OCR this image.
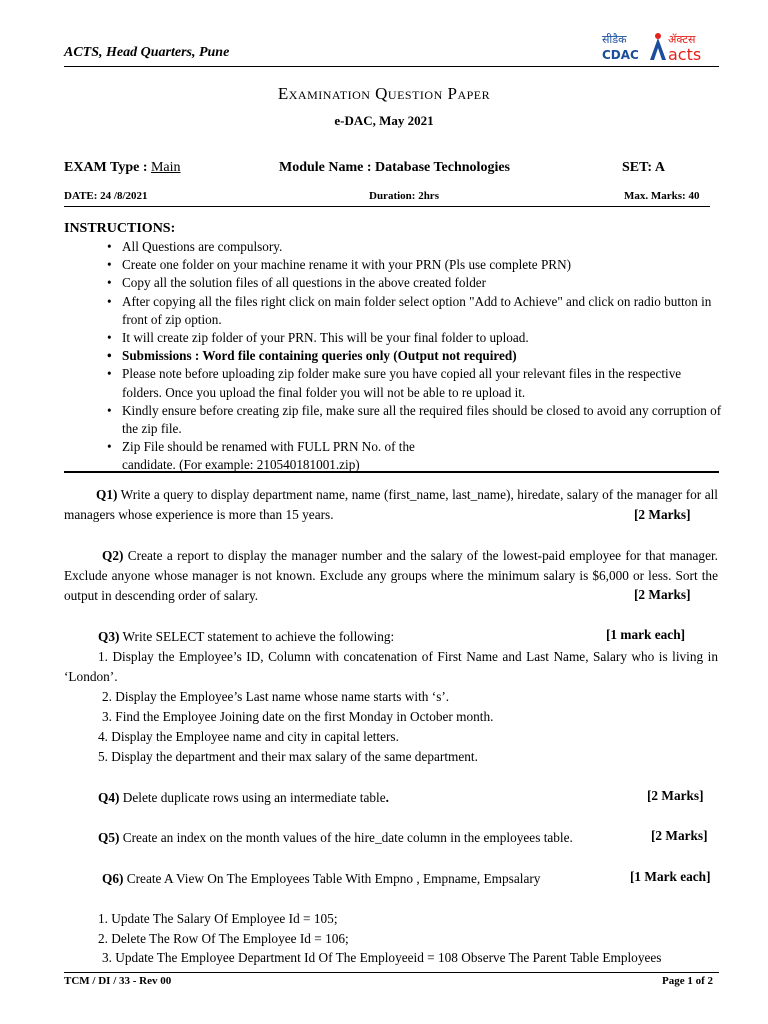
ACTS, Head Quarters, Pune
सीडैक
CDAC
ॲक्टस
acts
Examination Question Paper
e-DAC, May 2021
EXAM Type : Main	Module Name : Database Technologies	SET: A
DATE: 24 /8/2021	Duration: 2hrs	Max. Marks: 40
INSTRUCTIONS:
• All Questions are compulsory.
• Create one folder on your machine rename it with your PRN (Pls use complete PRN)
• Copy all the solution files of all questions in the above created folder
• After copying all the files right click on main folder select option "Add to Achieve" and click on radio button in front of zip option.
• It will create zip folder of your PRN. This will be your final folder to upload.
• Submissions : Word file containing queries only (Output not required)
• Please note before uploading zip folder make sure you have copied all your relevant files in the respective folders. Once you upload the final folder you will not be able to re upload it.
• Kindly ensure before creating zip file, make sure all the required files should be closed to avoid any corruption of the zip file.
• Zip File should be renamed with FULL PRN No. of the candidate. (For example: 210540181001.zip)
Q1) Write a query to display department name, name (first_name, last_name), hiredate, salary of the manager for all managers whose experience is more than 15 years.	[2 Marks]
Q2) Create a report to display the manager number and the salary of the lowest-paid employee for that manager. Exclude anyone whose manager is not known. Exclude any groups where the minimum salary is $6,000 or less. Sort the output in descending order of salary.	[2 Marks]
Q3) Write SELECT statement to achieve the following:	[1 mark each]
1. Display the Employee’s ID, Column with concatenation of First Name and Last Name, Salary who is living in ‘London’.
2. Display the Employee’s Last name whose name starts with ‘s’.
3. Find the Employee Joining date on the first Monday in October month.
4. Display the Employee name and city in capital letters.
5. Display the department and their max salary of the same department.
Q4) Delete duplicate rows using an intermediate table.	[2 Marks]
Q5) Create an index on the month values of the hire_date column in the employees table.	[2 Marks]
Q6) Create A View On The Employees Table With Empno , Empname, Empsalary	[1 Mark each]
1. Update The Salary Of Employee Id = 105;
2. Delete The Row Of The Employee Id = 106;
3. Update The Employee Department Id Of The Employeeid = 108 Observe The Parent Table Employees
TCM / DI / 33 - Rev 00	Page 1 of 2
